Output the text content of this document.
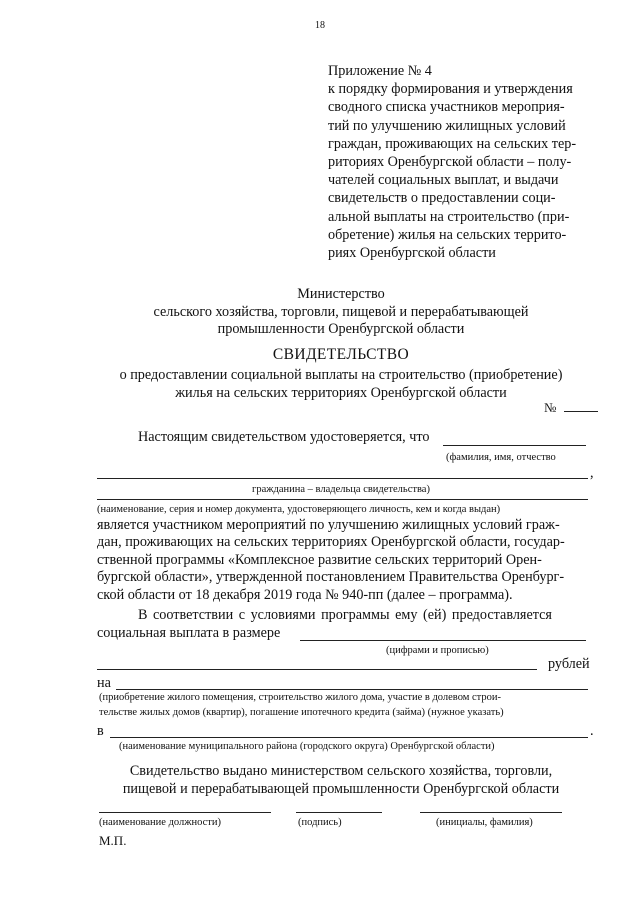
18
Приложение № 4
к порядку формирования и утверждения
сводного списка участников мероприя-
тий по улучшению жилищных условий
граждан, проживающих на сельских тер-
риториях Оренбургской области – полу-
чателей социальных выплат, и выдачи
свидетельств о предоставлении соци-
альной выплаты на строительство (при-
обретение) жилья на сельских террито-
риях Оренбургской области
Министерство
сельского хозяйства, торговли, пищевой и перерабатывающей
промышленности Оренбургской области
СВИДЕТЕЛЬСТВО
о предоставлении социальной выплаты на строительство (приобретение)
жилья на сельских территориях Оренбургской области
№
Настоящим свидетельством удостоверяется, что
(фамилия, имя, отчество
,
гражданина – владельца свидетельства)
(наименование, серия и номер документа, удостоверяющего личность, кем и когда выдан)
является участником мероприятий по улучшению жилищных условий граж-
дан, проживающих на сельских территориях Оренбургской области, государ-
ственной программы «Комплексное развитие сельских территорий Орен-
бургской области», утвержденной постановлением Правительства Оренбург-
ской области от 18 декабря 2019 года № 940-пп (далее – программа).
В соответствии с условиями программы ему (ей) предоставляется
социальная выплата в размере
(цифрами и прописью)
рублей
на
(приобретение жилого помещения, строительство жилого дома, участие в долевом строи-
тельстве жилых домов (квартир), погашение ипотечного кредита (займа) (нужное указать)
в	.
(наименование муниципального района (городского округа) Оренбургской области)
Свидетельство выдано министерством сельского хозяйства, торговли,
пищевой и перерабатывающей промышленности Оренбургской области
(наименование должности)	(подпись)	(инициалы, фамилия)
М.П.
